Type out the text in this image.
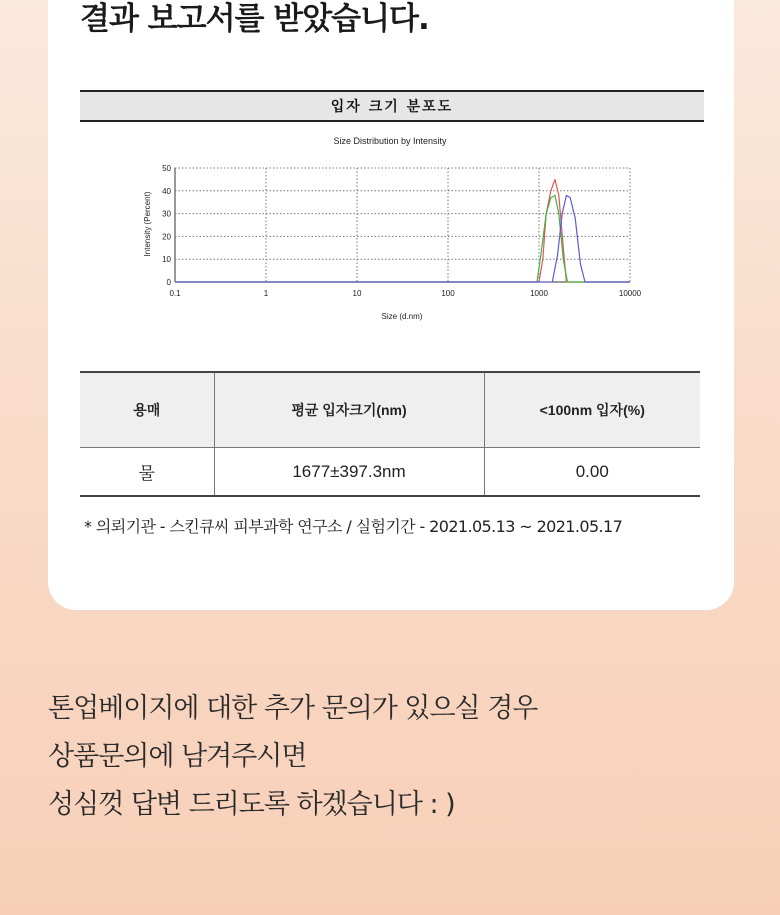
결과 보고서를 받았습니다.
입자 크기 분포도
Size Distribution by Intensity
Intensity (Percent)
Size (d.nm)
0
10
20
30
40
50
0.1	1	10	100	1000	10000
용매	평균 입자크기(nm)	<100nm 입자(%)
물	1677±397.3nm	0.00

* 의뢰기관 - 스킨큐씨 피부과학 연구소 / 실험기간 - 2021.05.13 ~ 2021.05.17

톤업베이지에 대한 추가 문의가 있으실 경우

상품문의에 남겨주시면

성심껏 답변 드리도록 하겠습니다 : )
